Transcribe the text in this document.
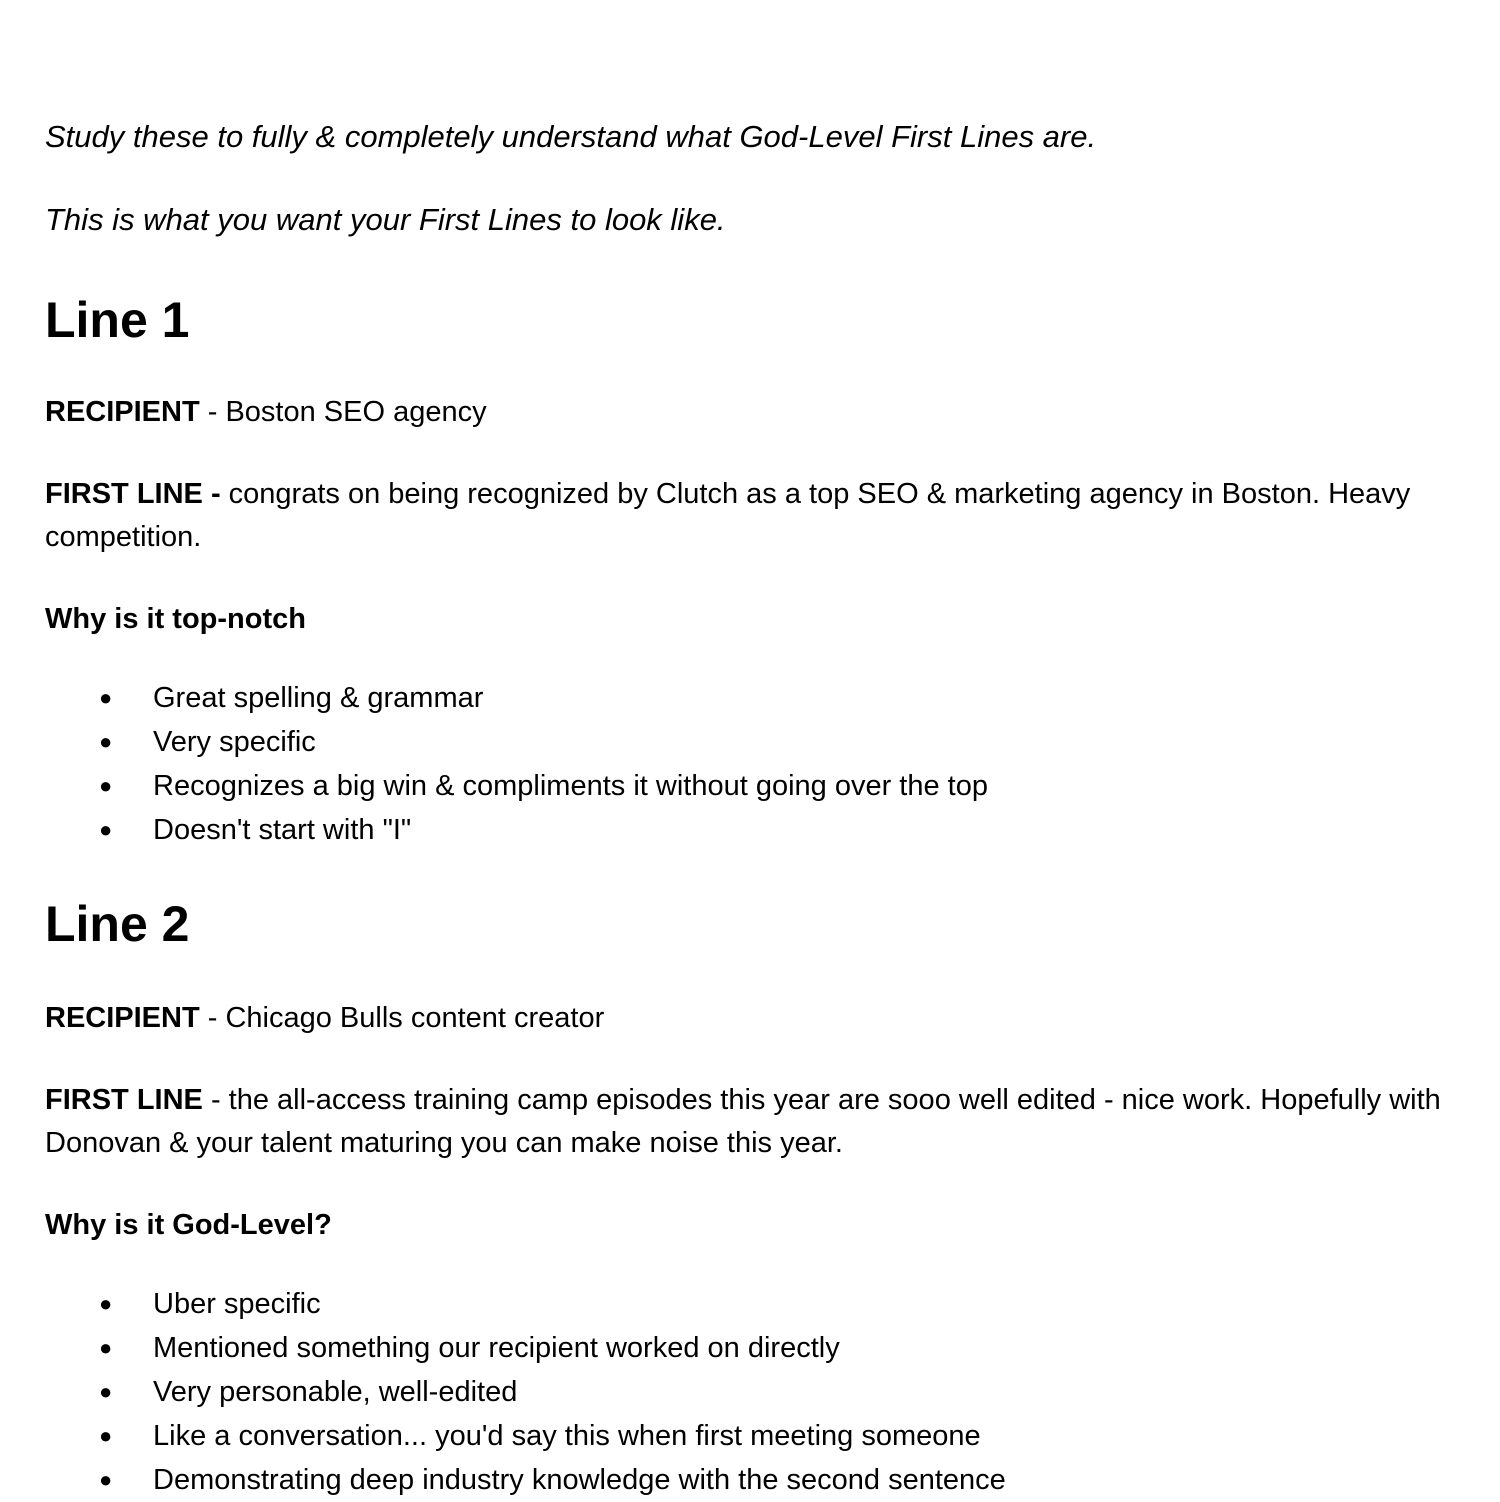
Study these to fully & completely understand what God-Level First Lines are.

This is what you want your First Lines to look like.

Line 1

RECIPIENT - Boston SEO agency

FIRST LINE - congrats on being recognized by Clutch as a top SEO & marketing agency in Boston. Heavy competition.

Why is it top-notch

● Great spelling & grammar
● Very specific
● Recognizes a big win & compliments it without going over the top
● Doesn't start with "I"
Line 2

RECIPIENT - Chicago Bulls content creator

FIRST LINE - the all-access training camp episodes this year are sooo well edited - nice work. Hopefully with Donovan & your talent maturing you can make noise this year.

Why is it God-Level?

● Uber specific
● Mentioned something our recipient worked on directly
● Very personable, well-edited
● Like a conversation... you'd say this when first meeting someone
● Demonstrating deep industry knowledge with the second sentence
